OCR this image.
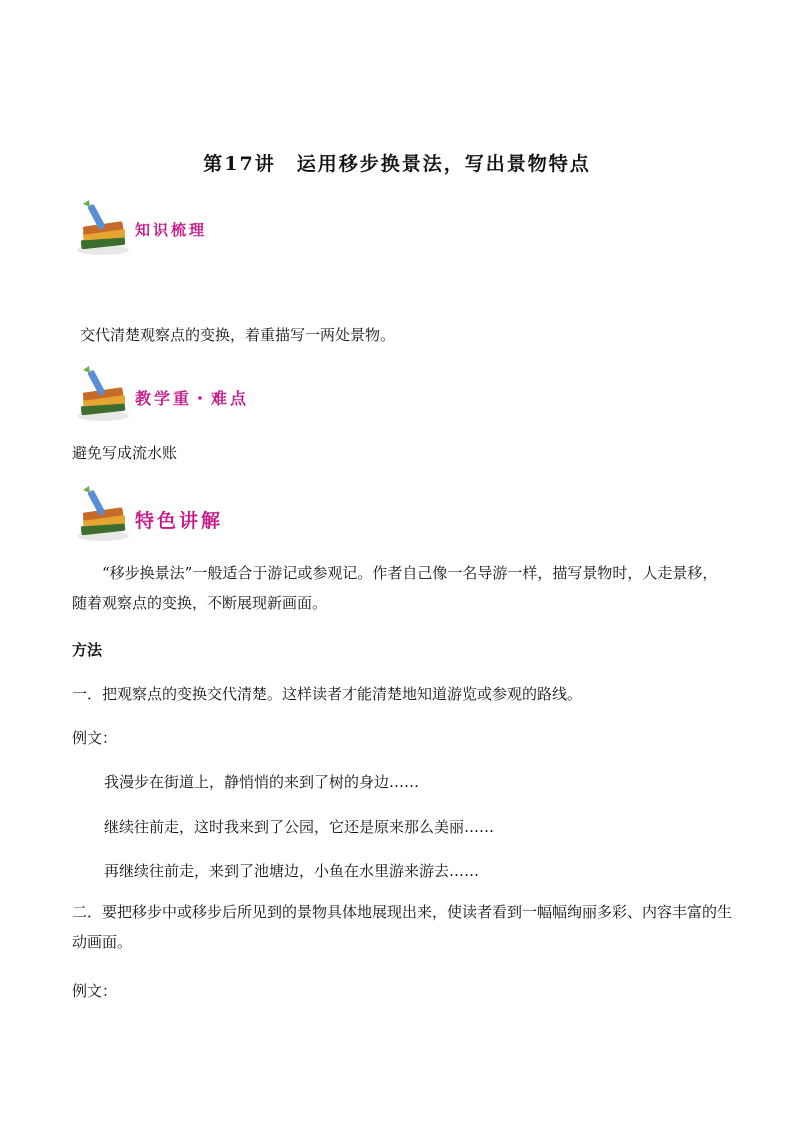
第17讲　运用移步换景法，写出景物特点
知识梳理
交代清楚观察点的变换，着重描写一两处景物。
教学重・难点
避免写成流水账
特色讲解
“移步换景法”一般适合于游记或参观记。作者自己像一名导游一样，描写景物时，人走景移，随着观察点的变换，不断展现新画面。
方法
一．把观察点的变换交代清楚。这样读者才能清楚地知道游览或参观的路线。
例文：
我漫步在街道上，静悄悄的来到了树的身边……
继续往前走，这时我来到了公园，它还是原来那么美丽……
再继续往前走，来到了池塘边，小鱼在水里游来游去……
二．要把移步中或移步后所见到的景物具体地展现出来，使读者看到一幅幅绚丽多彩、内容丰富的生动画面。
例文：
